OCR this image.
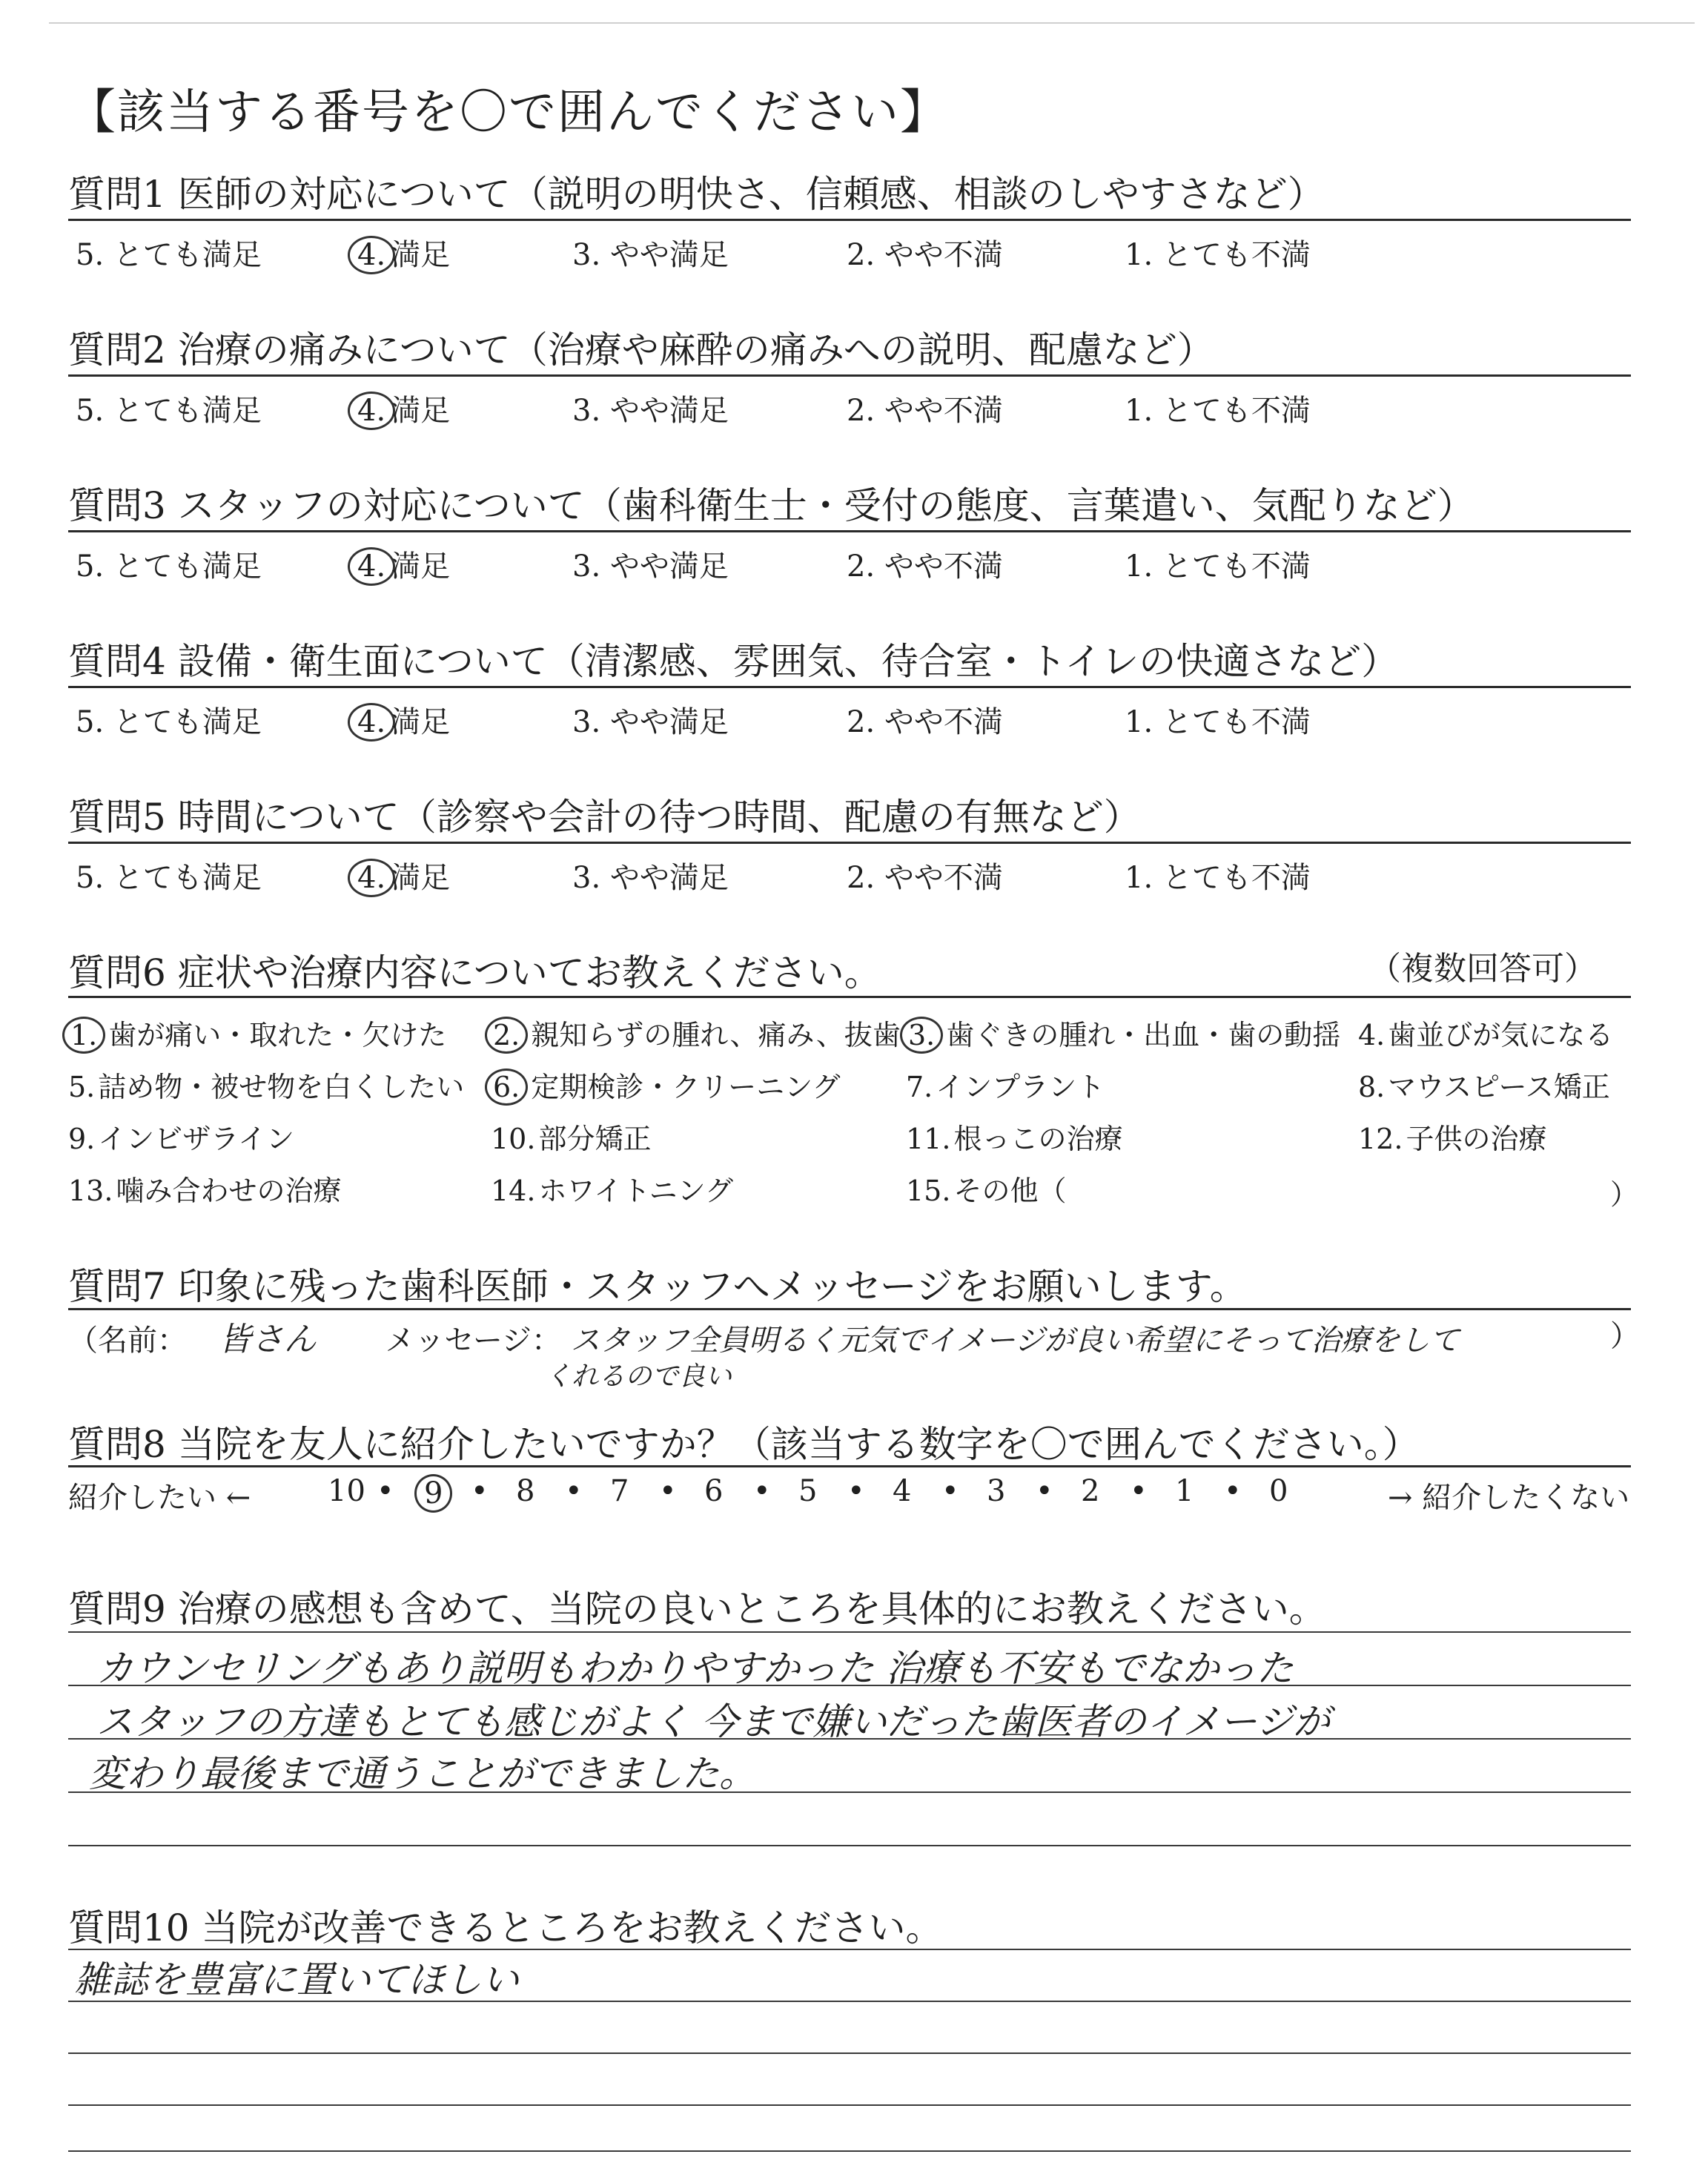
【該当する番号を〇で囲んでください】
質問1 医師の対応について（説明の明快さ、信頼感、相談のしやすさなど）
5. とても満足	4. 満足	3. やや満足	2. やや不満	1. とても不満
質問2 治療の痛みについて（治療や麻酔の痛みへの説明、配慮など）
5. とても満足	4. 満足	3. やや満足	2. やや不満	1. とても不満
質問3 スタッフの対応について（歯科衛生士・受付の態度、言葉遣い、気配りなど）
5. とても満足	4. 満足	3. やや満足	2. やや不満	1. とても不満
質問4 設備・衛生面について（清潔感、雰囲気、待合室・トイレの快適さなど）
5. とても満足	4. 満足	3. やや満足	2. やや不満	1. とても不満
質問5 時間について（診察や会計の待つ時間、配慮の有無など）
5. とても満足	4. 満足	3. やや満足	2. やや不満	1. とても不満
質問6 症状や治療内容についてお教えください。	（複数回答可）
1. 歯が痛い・取れた・欠けた 2. 親知らずの腫れ、痛み、抜歯 3. 歯ぐきの腫れ・出血・歯の動揺 4. 歯並びが気になる
5. 詰め物・被せ物を白くしたい 6. 定期検診・クリーニング 7. インプラント	8. マウスピース矯正
9. インビザライン	10. 部分矯正	11. 根っこの治療	12. 子供の治療
13. 噛み合わせの治療	14. ホワイトニング	15. その他（	）
質問7 印象に残った歯科医師・スタッフへメッセージをお願いします。
（名前： 皆さん メッセージ： スタッフ全員明るく元気でイメージが良い希望にそって治療をして
くれるので良い
）
質問8 当院を友人に紹介したいですか？（該当する数字を〇で囲んでください。）
紹介したい ←	→ 紹介したくない
10 •	9 • 8 • 7 • 6 • 5 • 4 • 3 • 2 • 1 • 0
質問9 治療の感想も含めて、当院の良いところを具体的にお教えください。
カウンセリングもあり説明もわかりやすかった 治療も不安もでなかった
スタッフの方達もとても感じがよく 今まで嫌いだった歯医者のイメージが
変わり最後まで通うことができました。
質問10 当院が改善できるところをお教えください。
雑誌を豊富に置いてほしい
